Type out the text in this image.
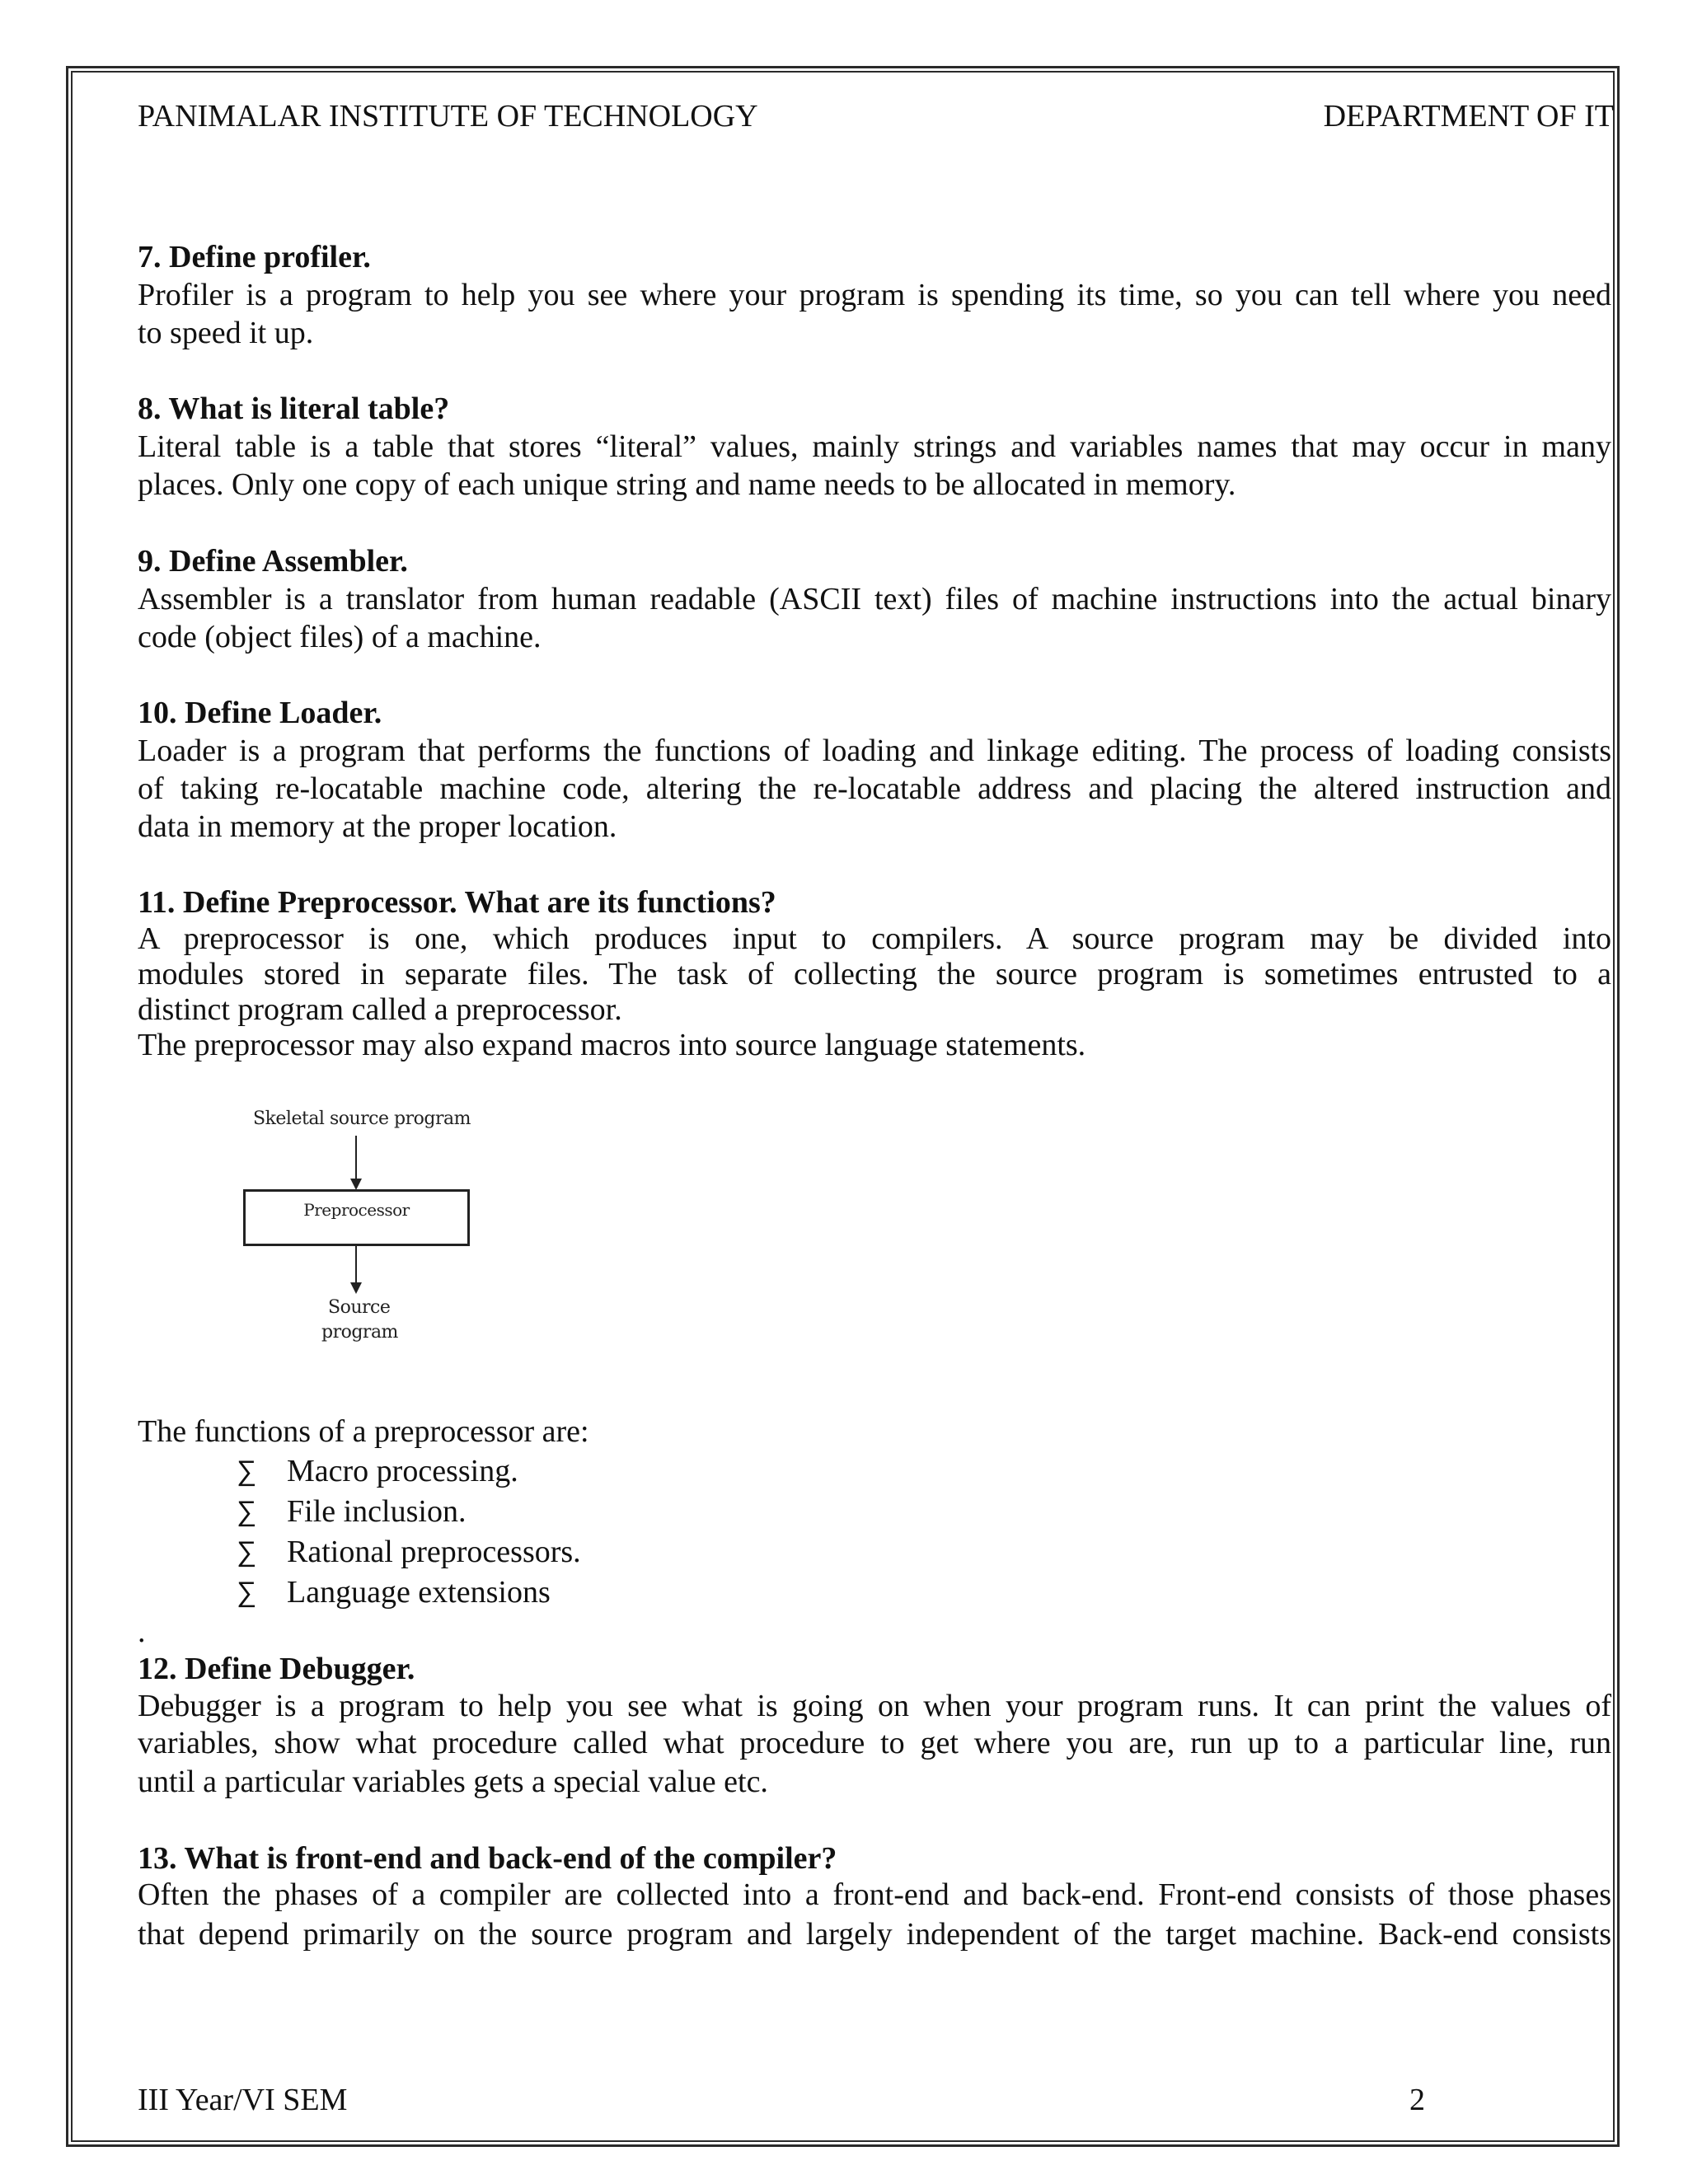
PANIMALAR INSTITUTE OF TECHNOLOGY	DEPARTMENT OF IT
7. Define profiler.
Profiler is a program to help you see where your program is spending its time, so you can tell where you need
to speed it up.
8. What is literal table?
Literal table is a table that stores “literal” values, mainly strings and variables names that may occur in many
places. Only one copy of each unique string and name needs to be allocated in memory.
9. Define Assembler.
Assembler is a translator from human readable (ASCII text) files of machine instructions into the actual binary
code (object files) of a machine.
10. Define Loader.
Loader is a program that performs the functions of loading and linkage editing. The process of loading consists
of taking re-locatable machine code, altering the re-locatable address and placing the altered instruction and
data in memory at the proper location.
11. Define Preprocessor. What are its functions?
A preprocessor is one, which produces input to compilers. A source program may be divided into
modules stored in separate files. The task of collecting the source program is sometimes entrusted to a
distinct program called a preprocessor.
The preprocessor may also expand macros into source language statements.
Skeletal source program
Preprocessor
Source
program
The functions of a preprocessor are:
∑ Macro processing.
∑ File inclusion.
∑ Rational preprocessors.
∑ Language extensions
.
12. Define Debugger.
Debugger is a program to help you see what is going on when your program runs. It can print the values of
variables, show what procedure called what procedure to get where you are, run up to a particular line, run
until a particular variables gets a special value etc.
13. What is front-end and back-end of the compiler?
Often the phases of a compiler are collected into a front-end and back-end. Front-end consists of those phases
that depend primarily on the source program and largely independent of the target machine. Back-end consists
III Year/VI SEM	2
